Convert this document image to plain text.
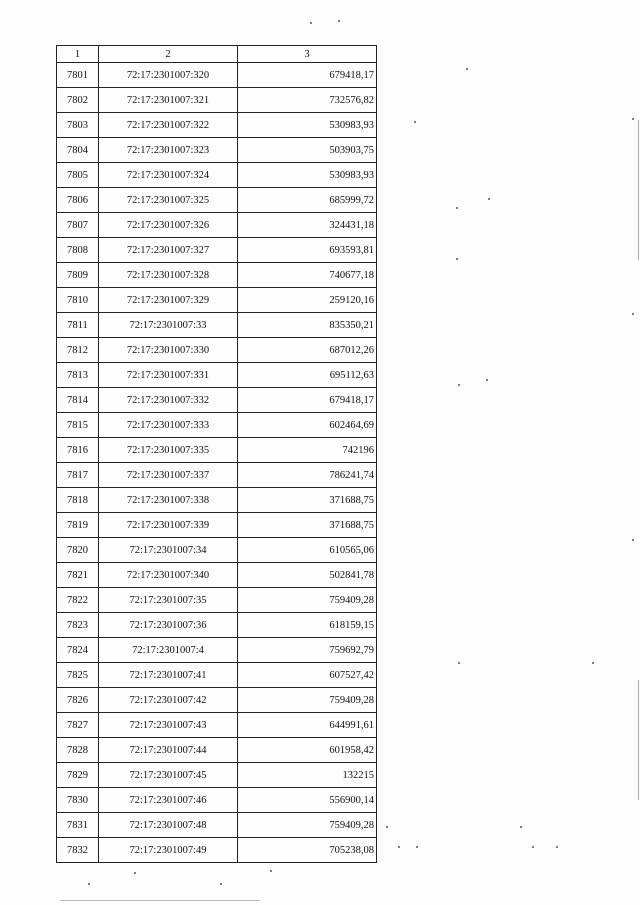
1	2	3
7801	72:17:2301007:320	679418,17
7802	72:17:2301007:321	732576,82
7803	72:17:2301007:322	530983,93
7804	72:17:2301007:323	503903,75
7805	72:17:2301007:324	530983,93
7806	72:17:2301007:325	685999,72
7807	72:17:2301007:326	324431,18
7808	72:17:2301007:327	693593,81
7809	72:17:2301007:328	740677,18
7810	72:17:2301007:329	259120,16
7811	72:17:2301007:33	835350,21
7812	72:17:2301007:330	687012,26
7813	72:17:2301007:331	695112,63
7814	72:17:2301007:332	679418,17
7815	72:17:2301007:333	602464,69
7816	72:17:2301007:335	742196
7817	72:17:2301007:337	786241,74
7818	72:17:2301007:338	371688,75
7819	72:17:2301007:339	371688,75
7820	72:17:2301007:34	610565,06
7821	72:17:2301007:340	502841,78
7822	72:17:2301007:35	759409,28
7823	72:17:2301007:36	618159,15
7824	72:17:2301007:4	759692,79
7825	72:17:2301007:41	607527,42
7826	72:17:2301007:42	759409,28
7827	72:17:2301007:43	644991,61
7828	72:17:2301007:44	601958,42
7829	72:17:2301007:45	132215
7830	72:17:2301007:46	556900,14
7831	72:17:2301007:48	759409,28
7832	72:17:2301007:49	705238,08
